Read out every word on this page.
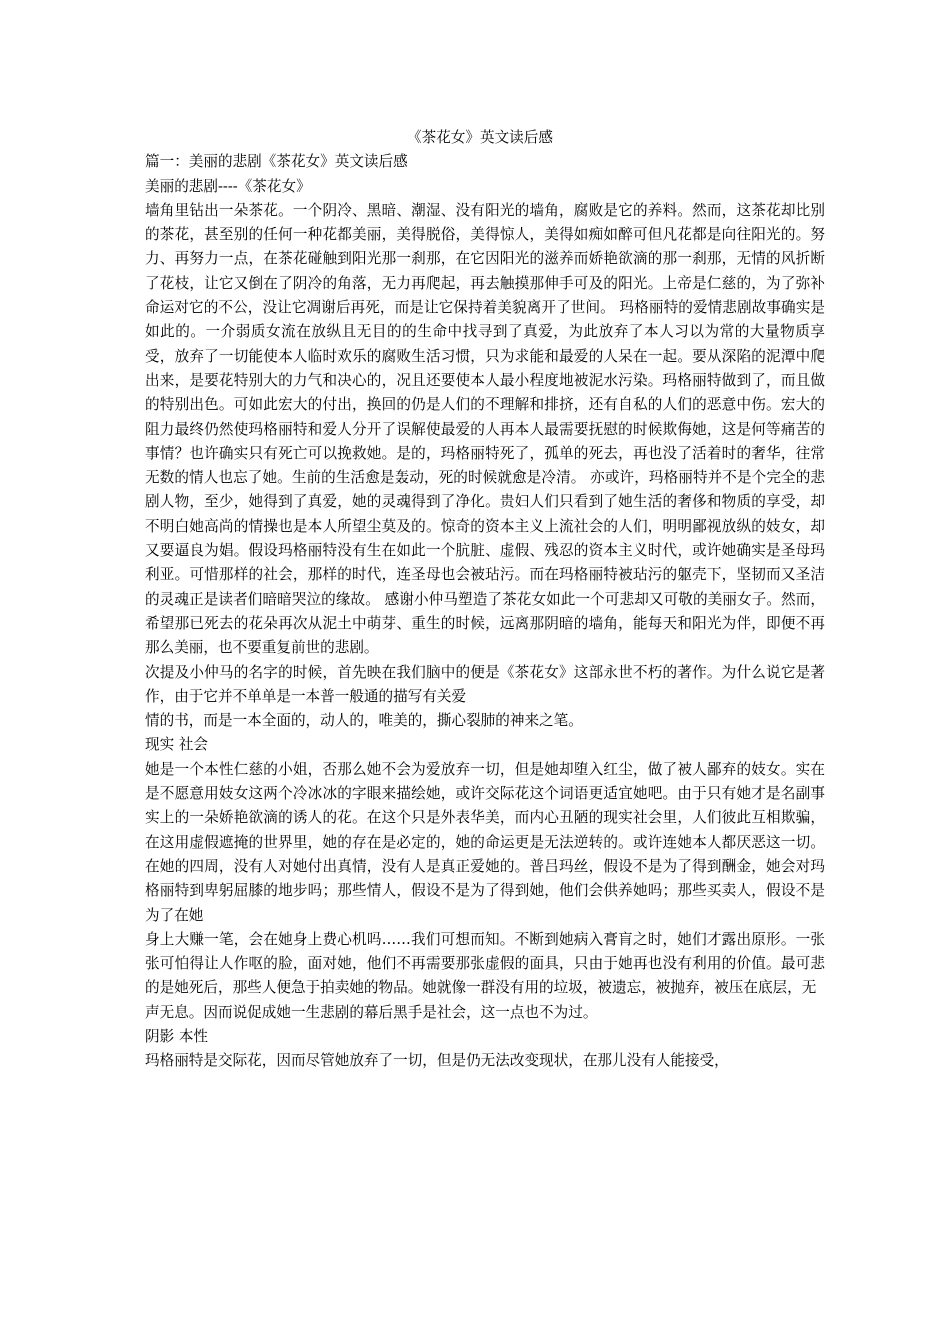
《茶花女》英文读后感

篇一：美丽的悲剧《茶花女》英文读后感

美丽的悲剧----《茶花女》

墙角里钻出一朵茶花。一个阴冷、黑暗、潮湿、没有阳光的墙角，腐败是它的养料。然而，这茶花却比别的茶花，甚至别的任何一种花都美丽，美得脱俗，美得惊人，美得如痴如醉可但凡花都是向往阳光的。努力、再努力一点，在茶花碰触到阳光那一刹那，在它因阳光的滋养而娇艳欲滴的那一刹那，无情的风折断了花枝，让它又倒在了阴冷的角落，无力再爬起，再去触摸那伸手可及的阳光。上帝是仁慈的，为了弥补命运对它的不公，没让它凋谢后再死，而是让它保持着美貌离开了世间。 玛格丽特的爱情悲剧故事确实是如此的。一介弱质女流在放纵且无目的的生命中找寻到了真爱，为此放弃了本人习以为常的大量物质享受，放弃了一切能使本人临时欢乐的腐败生活习惯，只为求能和最爱的人呆在一起。要从深陷的泥潭中爬出来，是要花特别大的力气和决心的，况且还要使本人最小程度地被泥水污染。玛格丽特做到了，而且做的特别出色。可如此宏大的付出，换回的仍是人们的不理解和排挤，还有自私的人们的恶意中伤。宏大的阻力最终仍然使玛格丽特和爱人分开了误解使最爱的人再本人最需要抚慰的时候欺侮她，这是何等痛苦的事情？也许确实只有死亡可以挽救她。是的，玛格丽特死了，孤单的死去，再也没了活着时的奢华，往常无数的情人也忘了她。生前的生活愈是轰动，死的时候就愈是冷清。 亦或许，玛格丽特并不是个完全的悲剧人物，至少，她得到了真爱，她的灵魂得到了净化。贵妇人们只看到了她生活的奢侈和物质的享受，却不明白她高尚的情操也是本人所望尘莫及的。惊奇的资本主义上流社会的人们，明明鄙视放纵的妓女，却又要逼良为娼。假设玛格丽特没有生在如此一个肮脏、虚假、残忍的资本主义时代，或许她确实是圣母玛利亚。可惜那样的社会，那样的时代，连圣母也会被玷污。而在玛格丽特被玷污的躯壳下，坚韧而又圣洁的灵魂正是读者们暗暗哭泣的缘故。 感谢小仲马塑造了茶花女如此一个可悲却又可敬的美丽女子。然而，希望那已死去的花朵再次从泥土中萌芽、重生的时候，远离那阴暗的墙角，能每天和阳光为伴，即便不再那么美丽，也不要重复前世的悲剧。

次提及小仲马的名字的时候，首先映在我们脑中的便是《茶花女》这部永世不朽的著作。为什么说它是著作，由于它并不单单是一本普一般通的描写有关爱

情的书，而是一本全面的，动人的，唯美的，撕心裂肺的神来之笔。

现实 社会

她是一个本性仁慈的小姐，否那么她不会为爱放弃一切，但是她却堕入红尘，做了被人鄙弃的妓女。实在是不愿意用妓女这两个冷冰冰的字眼来描绘她，或许交际花这个词语更适宜她吧。由于只有她才是名副事实上的一朵娇艳欲滴的诱人的花。在这个只是外表华美，而内心丑陋的现实社会里，人们彼此互相欺骗，在这用虚假遮掩的世界里，她的存在是必定的，她的命运更是无法逆转的。或许连她本人都厌恶这一切。在她的四周，没有人对她付出真情，没有人是真正爱她的。普吕玛丝，假设不是为了得到酬金，她会对玛格丽特到卑躬屈膝的地步吗；那些情人，假设不是为了得到她，他们会供养她吗；那些买卖人，假设不是为了在她

身上大赚一笔，会在她身上费心机吗……我们可想而知。不断到她病入膏肓之时，她们才露出原形。一张张可怕得让人作呕的脸，面对她，他们不再需要那张虚假的面具，只由于她再也没有利用的价值。最可悲的是她死后，那些人便急于拍卖她的物品。她就像一群没有用的垃圾，被遗忘，被抛弃，被压在底层，无

声无息。因而说促成她一生悲剧的幕后黑手是社会，这一点也不为过。

阴影 本性

玛格丽特是交际花，因而尽管她放弃了一切，但是仍无法改变现状，在那儿没有人能接受，
